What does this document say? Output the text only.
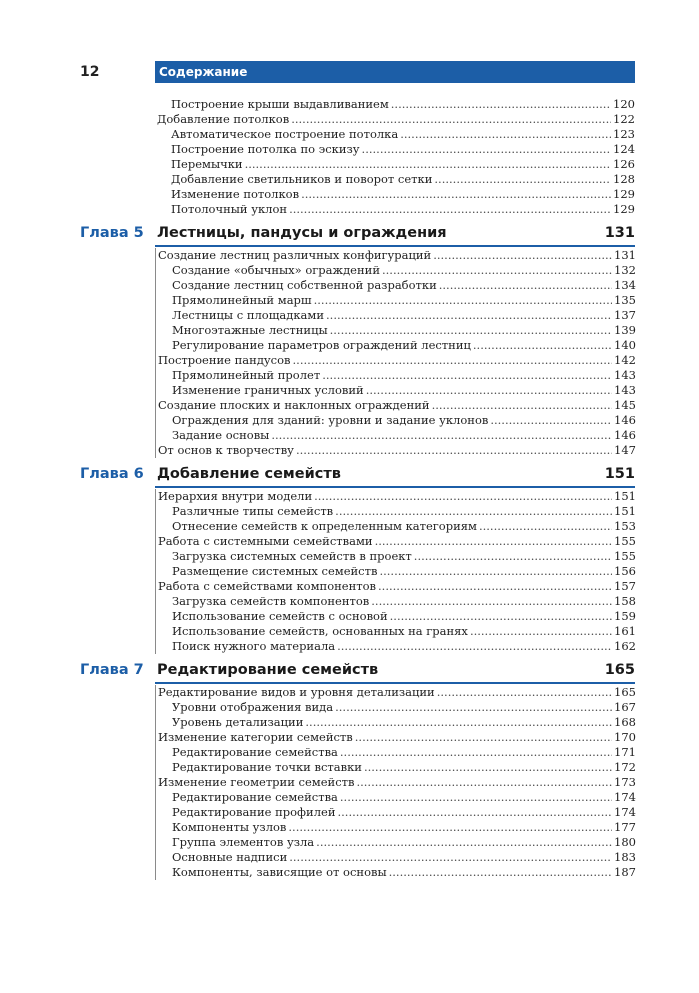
12	Содержание
Построение крыши выдавливанием .....	120
Добавление потолков .....	122
Автоматическое построение потолка .....	123
Построение потолка по эскизу .....	124
Перемычки .....	126
Добавление светильников и поворот сетки .....	128
Изменение потолков .....	129
Потолочный уклон .....	129
Глава 5 Лестницы, пандусы и ограждения	131
Создание лестниц различных конфигураций .....	131
Создание «обычных» ограждений .....	132
Создание лестниц собственной разработки .....	134
Прямолинейный марш .....	135
Лестницы с площадками .....	137
Многоэтажные лестницы .....	139
Регулирование параметров ограждений лестниц .....	140
Построение пандусов .....	142
Прямолинейный пролет .....	143
Изменение граничных условий .....	143
Создание плоских и наклонных ограждений .....	145
Ограждения для зданий: уровни и задание уклонов .....	146
Задание основы .....	146
От основ к творчеству .....	147
Глава 6 Добавление семейств	151
Иерархия внутри модели .....	151
Различные типы семейств .....	151
Отнесение семейств к определенным категориям .....	153
Работа с системными семействами .....	155
Загрузка системных семейств в проект .....	155
Размещение системных семейств .....	156
Работа с семействами компонентов .....	157
Загрузка семейств компонентов .....	158
Использование семейств с основой .....	159
Использование семейств, основанных на гранях .....	161
Поиск нужного материала .....	162
Глава 7 Редактирование семейств	165
Редактирование видов и уровня детализации .....	165
Уровни отображения вида .....	167
Уровень детализации .....	168
Изменение категории семейств .....	170
Редактирование семейства .....	171
Редактирование точки вставки .....	172
Изменение геометрии семейств .....	173
Редактирование семейства .....	174
Редактирование профилей .....	174
Компоненты узлов .....	177
Группа элементов узла .....	180
Основные надписи .....	183
Компоненты, зависящие от основы .....	187
